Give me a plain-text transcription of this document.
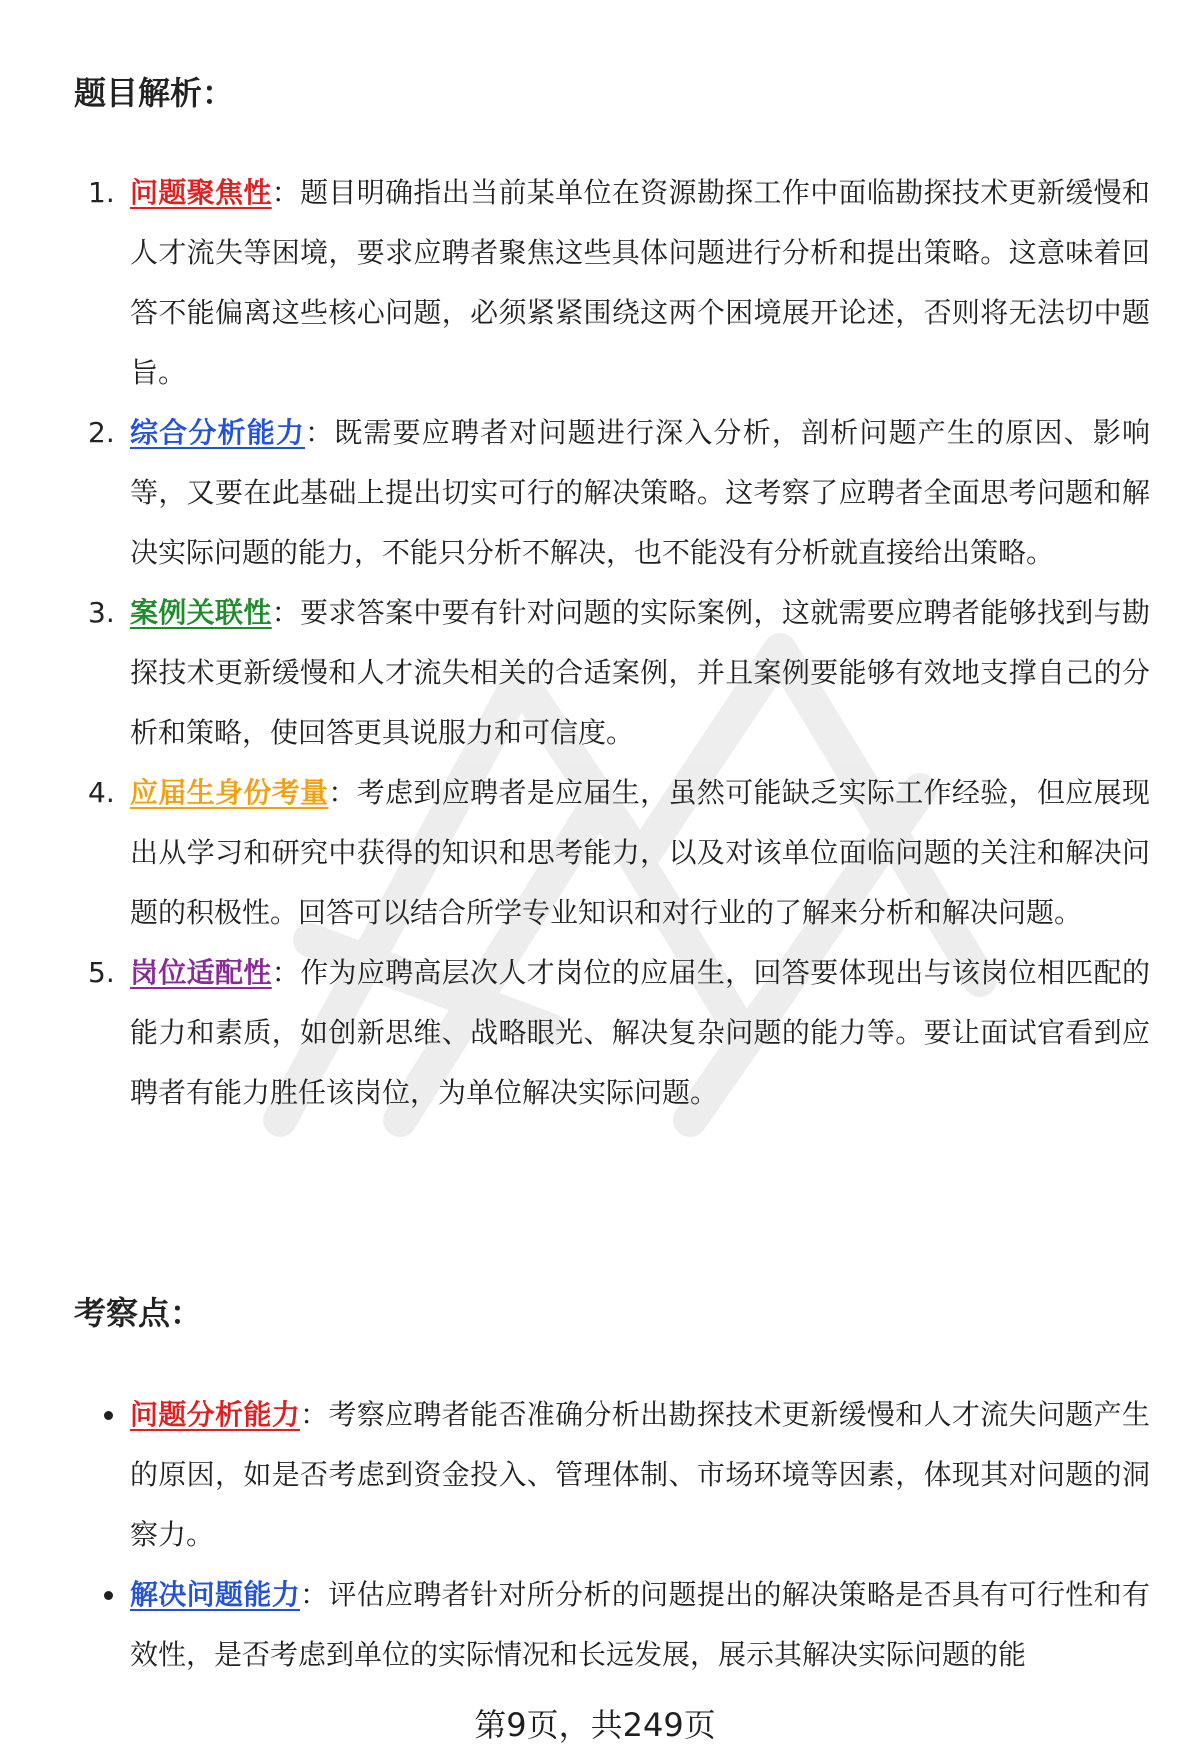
题目解析：
1. 问题聚焦性：题目明确指出当前某单位在资源勘探工作中面临勘探技术更新缓慢和人才流失等困境，要求应聘者聚焦这些具体问题进行分析和提出策略。这意味着回答不能偏离这些核心问题，必须紧紧围绕这两个困境展开论述，否则将无法切中题旨。
2. 综合分析能力：既需要应聘者对问题进行深入分析，剖析问题产生的原因、影响等，又要在此基础上提出切实可行的解决策略。这考察了应聘者全面思考问题和解决实际问题的能力，不能只分析不解决，也不能没有分析就直接给出策略。
3. 案例关联性：要求答案中要有针对问题的实际案例，这就需要应聘者能够找到与勘探技术更新缓慢和人才流失相关的合适案例，并且案例要能够有效地支撑自己的分析和策略，使回答更具说服力和可信度。
4. 应届生身份考量：考虑到应聘者是应届生，虽然可能缺乏实际工作经验，但应展现出从学习和研究中获得的知识和思考能力，以及对该单位面临问题的关注和解决问题的积极性。回答可以结合所学专业知识和对行业的了解来分析和解决问题。
5. 岗位适配性：作为应聘高层次人才岗位的应届生，回答要体现出与该岗位相匹配的能力和素质，如创新思维、战略眼光、解决复杂问题的能力等。要让面试官看到应聘者有能力胜任该岗位，为单位解决实际问题。
考察点：
问题分析能力：考察应聘者能否准确分析出勘探技术更新缓慢和人才流失问题产生的原因，如是否考虑到资金投入、管理体制、市场环境等因素，体现其对问题的洞察力。
解决问题能力：评估应聘者针对所分析的问题提出的解决策略是否具有可行性和有效性，是否考虑到单位的实际情况和长远发展，展示其解决实际问题的能
第9页，共249页
